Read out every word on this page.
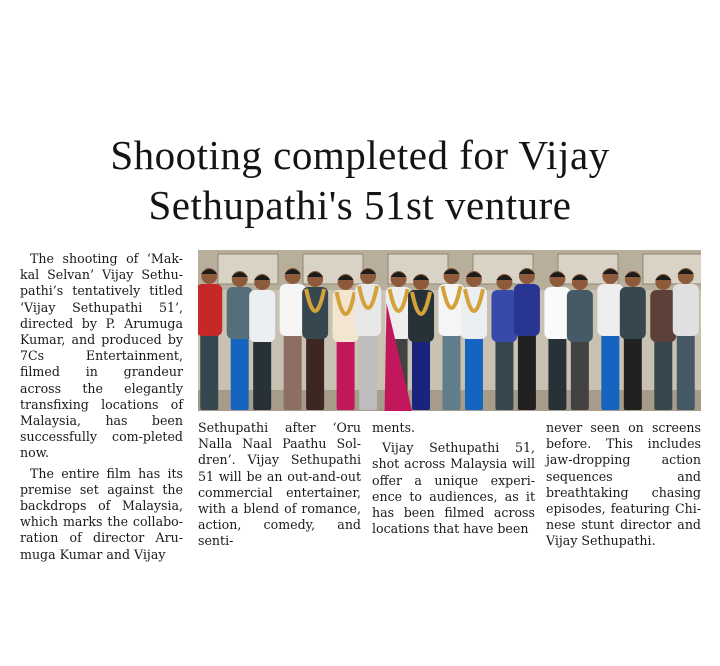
Shooting completed for Vijay
Sethupathi's 51st venture

The shooting of ‘Mak-kal Selvan’ Vijay Sethu-pathi’s tentatively titled ‘Vijay Sethupathi 51’, directed by P. Arumuga Kumar, and produced by 7Cs Entertainment, filmed in grandeur across the elegantly transfixing locations of Malaysia, has been successfully com-pleted now.

The entire film has its premise set against the backdrops of Malaysia, which marks the collabo-ration of director Aru-muga Kumar and Vijay

Sethupathi after ‘Oru Nalla Naal Paathu Sol-dren’. Vijay Sethupathi 51 will be an out-and-out commercial entertainer, with a blend of romance, action, comedy, and senti-

ments.

Vijay Sethupathi 51, shot across Malaysia will offer a unique experi-ence to audiences, as it has been filmed across locations that have been

never seen on screens before. This includes jaw-dropping action sequences and breathtaking chasing episodes, featuring Chi-nese stunt director and Vijay Sethupathi.
